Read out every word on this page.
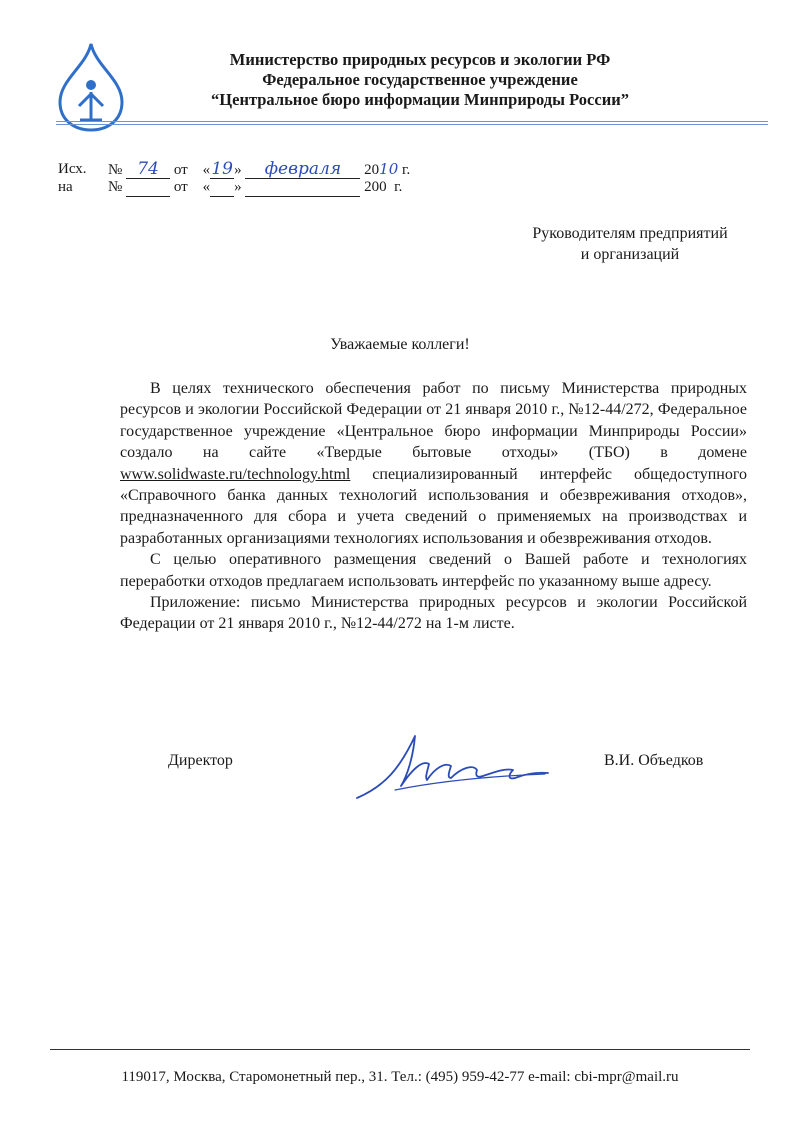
Министерство природных ресурсов и экологии РФ
Федеральное государственное учреждение
“Центральное бюро информации Минприроды России”
Исх. № 74 от «19» февраля 2010 г.
на №	от « »	200 г.
Руководителям предприятий
и организаций
Уважаемые коллеги!

В целях технического обеспечения работ по письму Министерства природных ресурсов и экологии Российской Федерации от 21 января 2010 г., №12-44/272, Федеральное государственное учреждение «Центральное бюро информации Минприроды России» создало на сайте «Твердые бытовые отходы» (ТБО) в домене www.solidwaste.ru/technology.html специализированный интерфейс общедоступного «Справочного банка данных технологий использования и обезвреживания отходов», предназначенного для сбора и учета сведений о применяемых на производствах и разработанных организациями технологиях использования и обезвреживания отходов.

С целью оперативного размещения сведений о Вашей работе и технологиях переработки отходов предлагаем использовать интерфейс по указанному выше адресу.

Приложение: письмо Министерства природных ресурсов и экологии Российской Федерации от 21 января 2010 г., №12-44/272 на 1-м листе.

Директор	В.И. Объедков
119017, Москва, Старомонетный пер., 31. Тел.: (495) 959-42-77 e-mail: cbi-mpr@mail.ru
